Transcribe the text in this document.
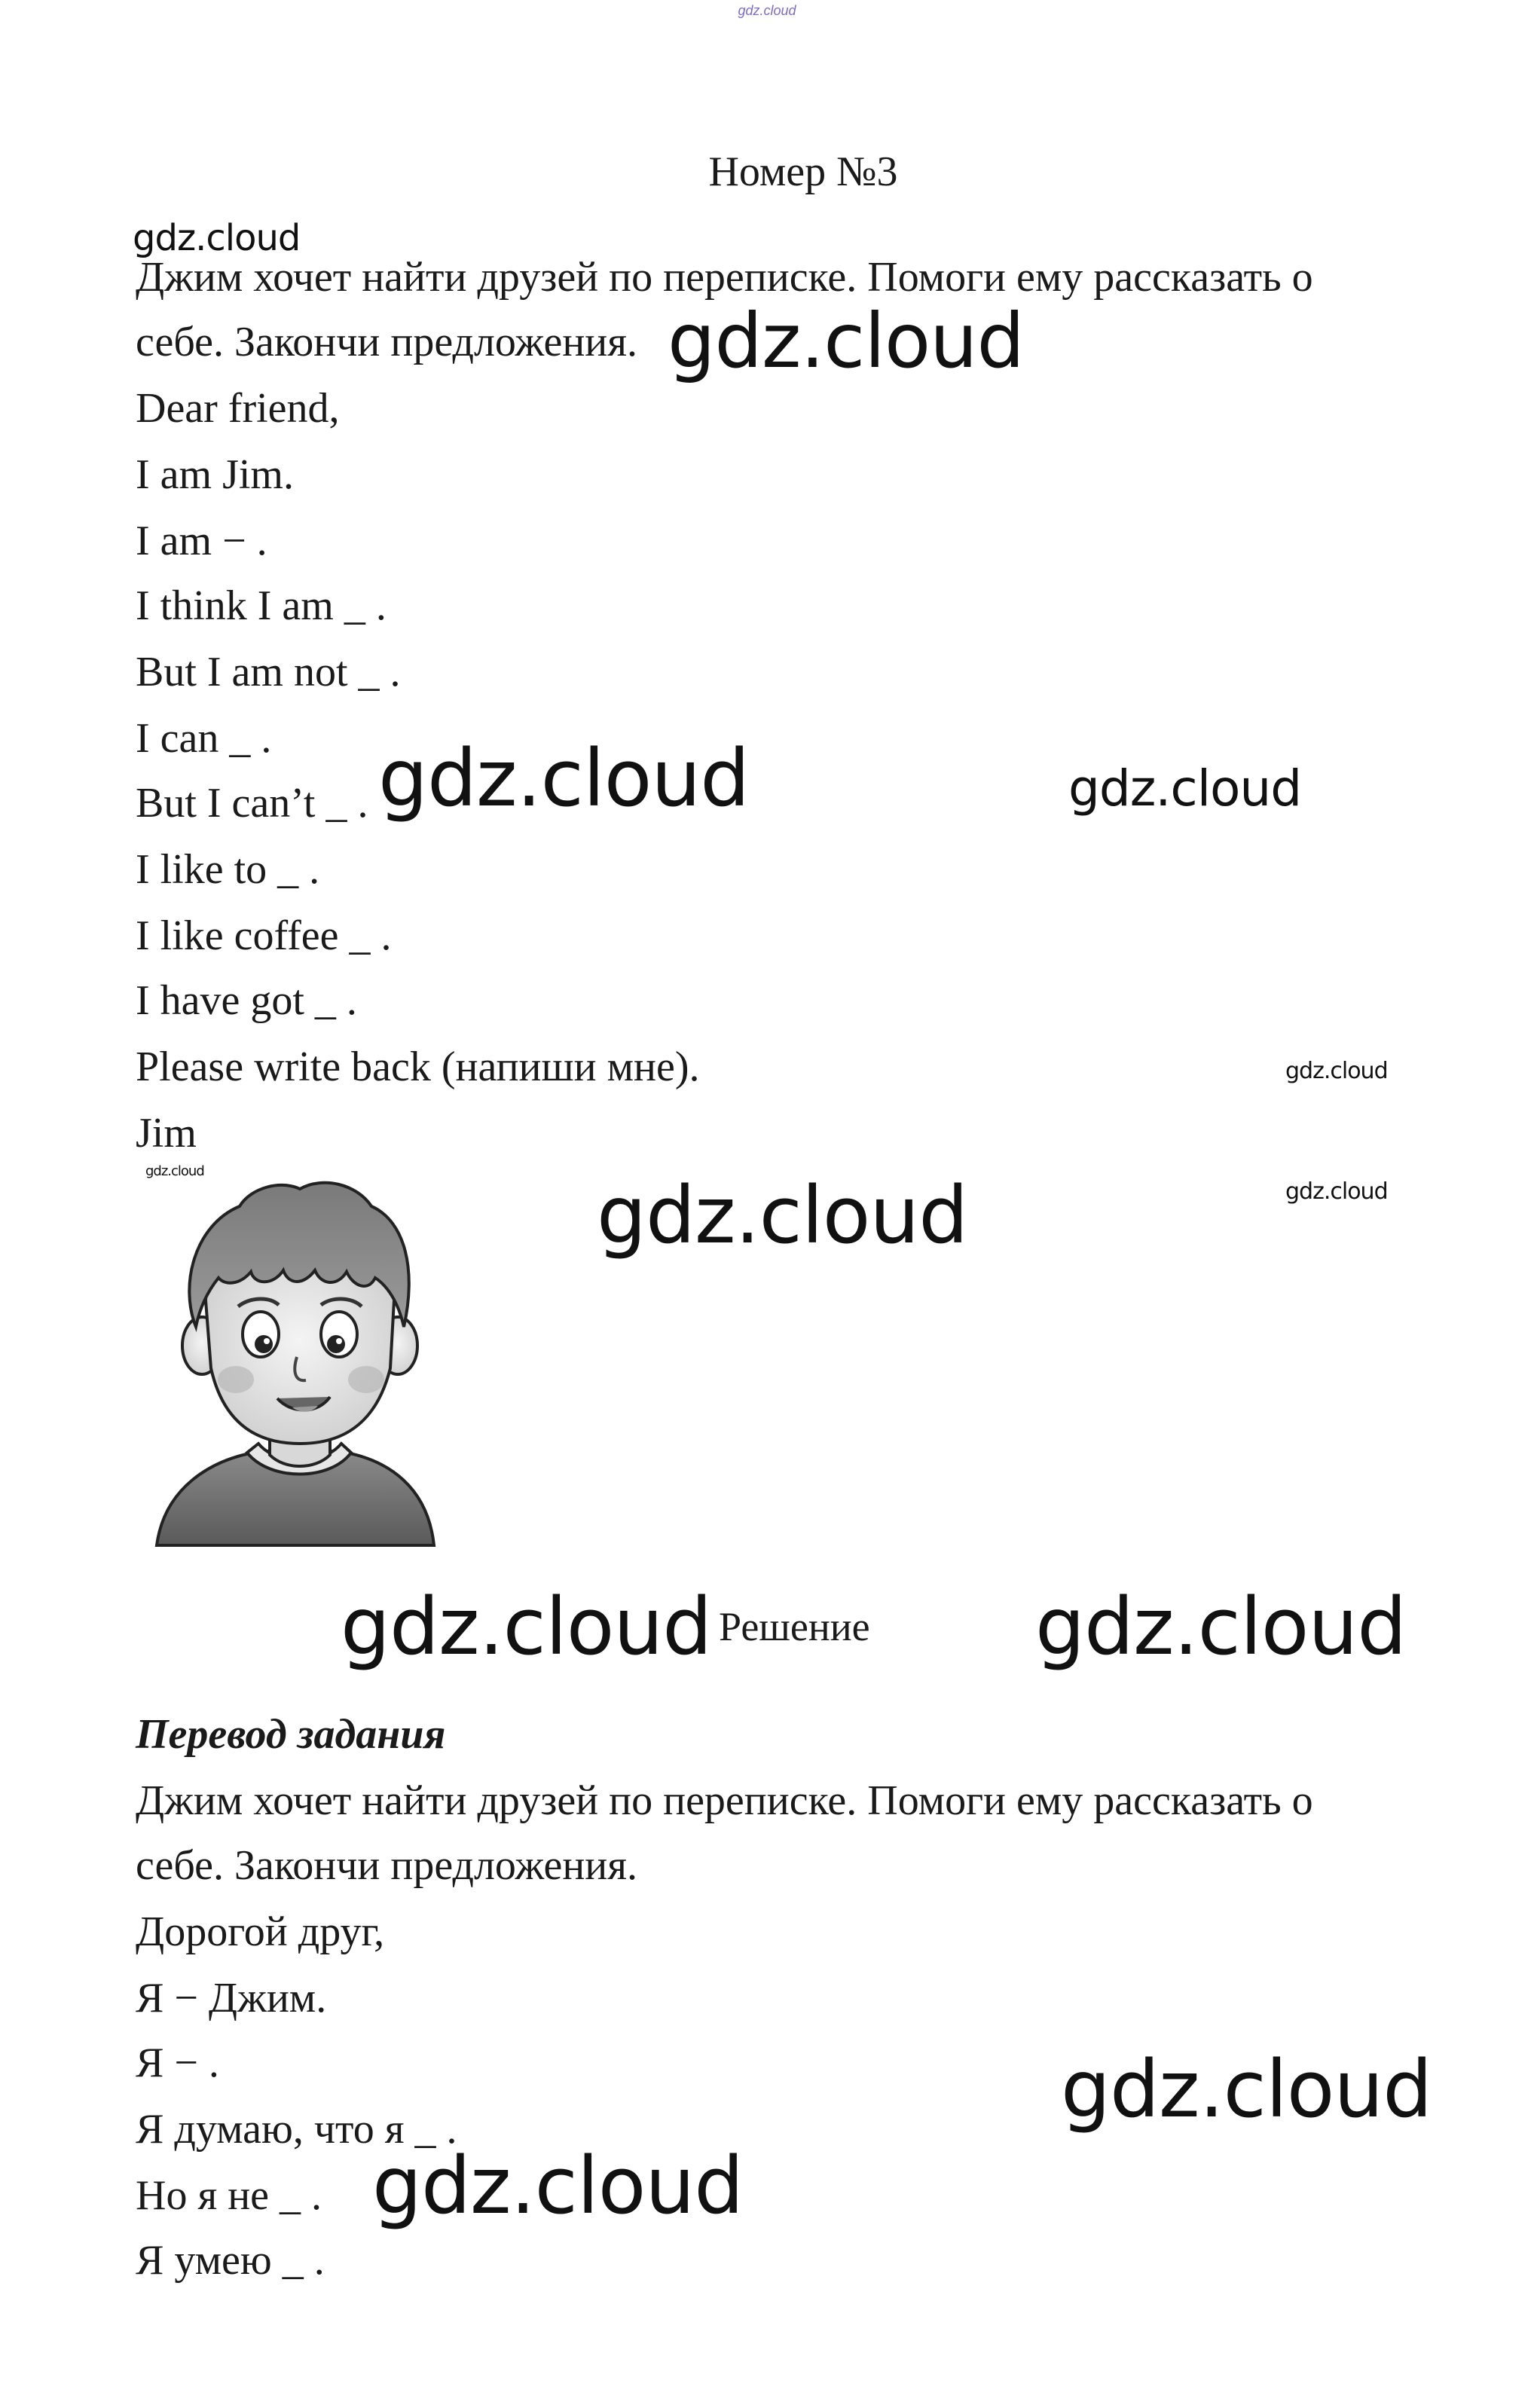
gdz.cloud
Номер №3
gdz.cloud
Джим хочет найти друзей по переписке. Помоги ему рассказать о
себе. Закончи предложения.
Dear friend,
I am Jim.
I am − .
I think I am _ .
But I am not _ .
I can _ .
But I can’t _ .
I like to _ .
I like coffee _ .
I have got _ .
Please write back (напиши мне).
Jim
gdz.cloud
gdz.cloud	gdz.cloud
gdz.cloud
gdz.cloud
gdz.cloud
gdz.cloud
Решение
gdz.cloud	gdz.cloud
Перевод задания
Джим хочет найти друзей по переписке. Помоги ему рассказать о
себе. Закончи предложения.
Дорогой друг,
Я − Джим.
Я − .
Я думаю, что я _ .
Но я не _ .
Я умею _ .
gdz.cloud
gdz.cloud
